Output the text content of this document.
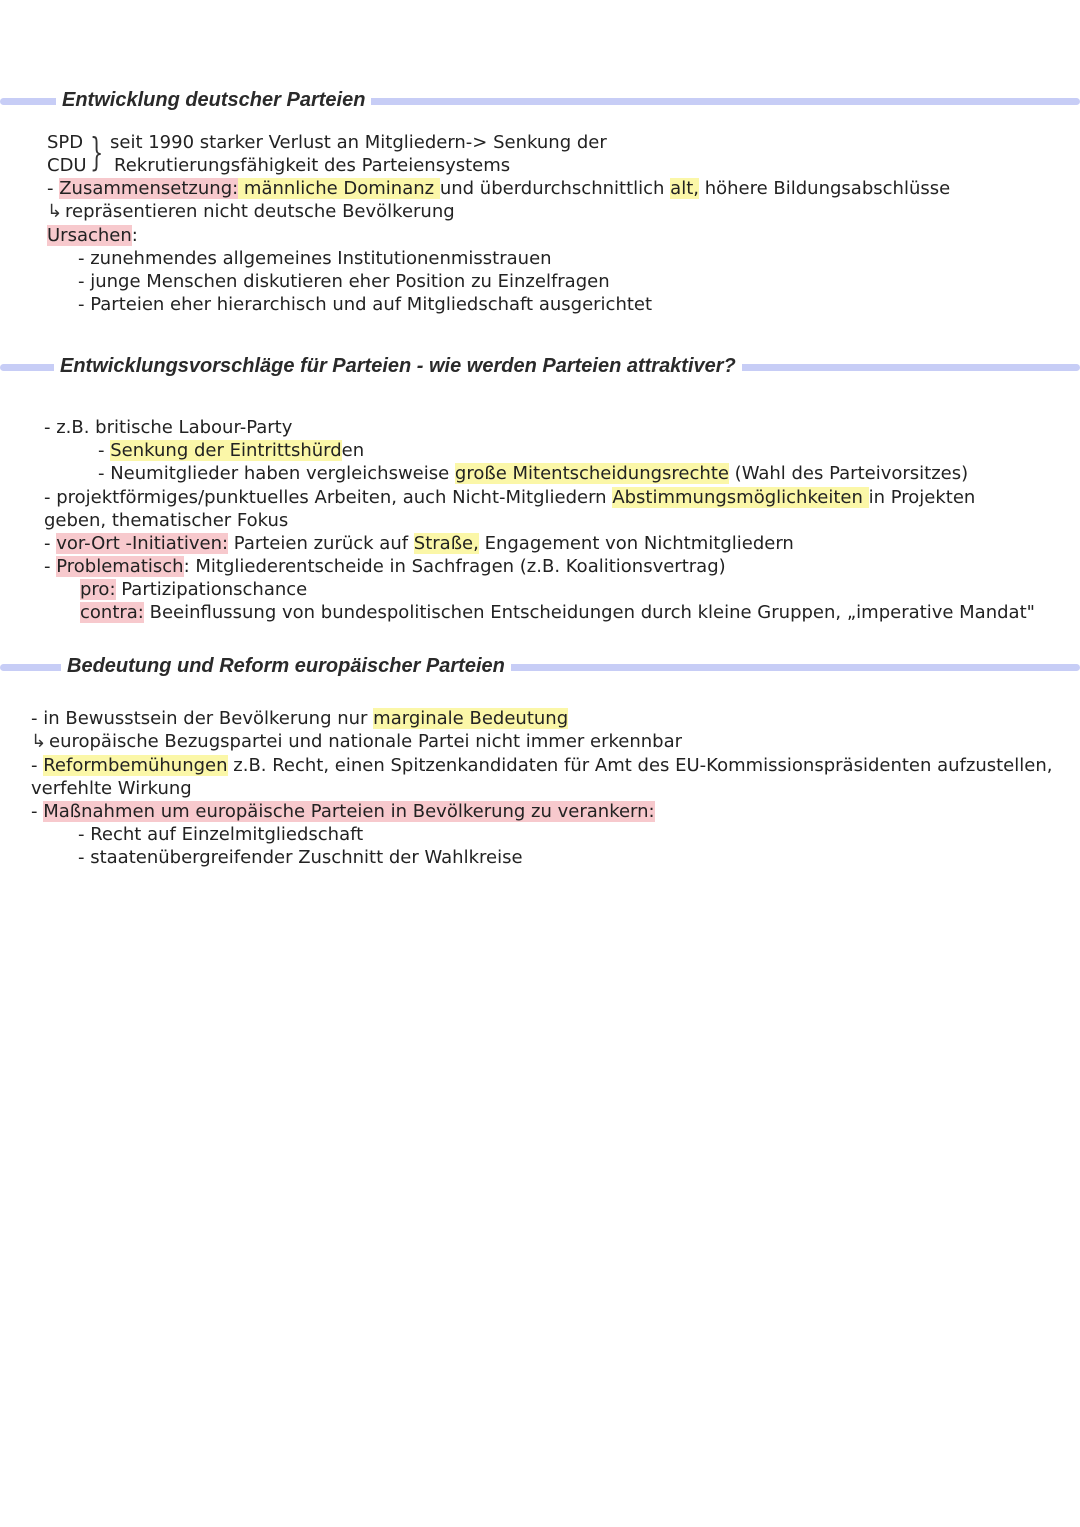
Entwicklung deutscher Parteien
SPD
CDU } seit 1990 starker Verlust an Mitgliedern-> Senkung der
Rekrutierungsfähigkeit des Parteiensystems
- Zusammensetzung: männliche Dominanz und überdurchschnittlich alt, höhere Bildungsabschlüsse
↳ repräsentieren nicht deutsche Bevölkerung
Ursachen:
- zunehmendes allgemeines Institutionenmisstrauen
- junge Menschen diskutieren eher Position zu Einzelfragen
- Parteien eher hierarchisch und auf Mitgliedschaft ausgerichtet
Entwicklungsvorschläge für Parteien - wie werden Parteien attraktiver?
- z.B. britische Labour-Party
- Senkung der Eintrittshürden
- Neumitglieder haben vergleichsweise große Mitentscheidungsrechte (Wahl des Parteivorsitzes)
- projektförmiges/punktuelles Arbeiten, auch Nicht-Mitgliedern Abstimmungsmöglichkeiten in Projekten
geben, thematischer Fokus
- vor-Ort -Initiativen: Parteien zurück auf Straße, Engagement von Nichtmitgliedern
- Problematisch: Mitgliederentscheide in Sachfragen (z.B. Koalitionsvertrag)
pro: Partizipationschance
contra: Beeinflussung von bundespolitischen Entscheidungen durch kleine Gruppen, „imperative Mandat"
Bedeutung und Reform europäischer Parteien
- in Bewusstsein der Bevölkerung nur marginale Bedeutung
↳ europäische Bezugspartei und nationale Partei nicht immer erkennbar
- Reformbemühungen z.B. Recht, einen Spitzenkandidaten für Amt des EU-Kommissionspräsidenten aufzustellen,
verfehlte Wirkung
- Maßnahmen um europäische Parteien in Bevölkerung zu verankern:
- Recht auf Einzelmitgliedschaft
- staatenübergreifender Zuschnitt der Wahlkreise
